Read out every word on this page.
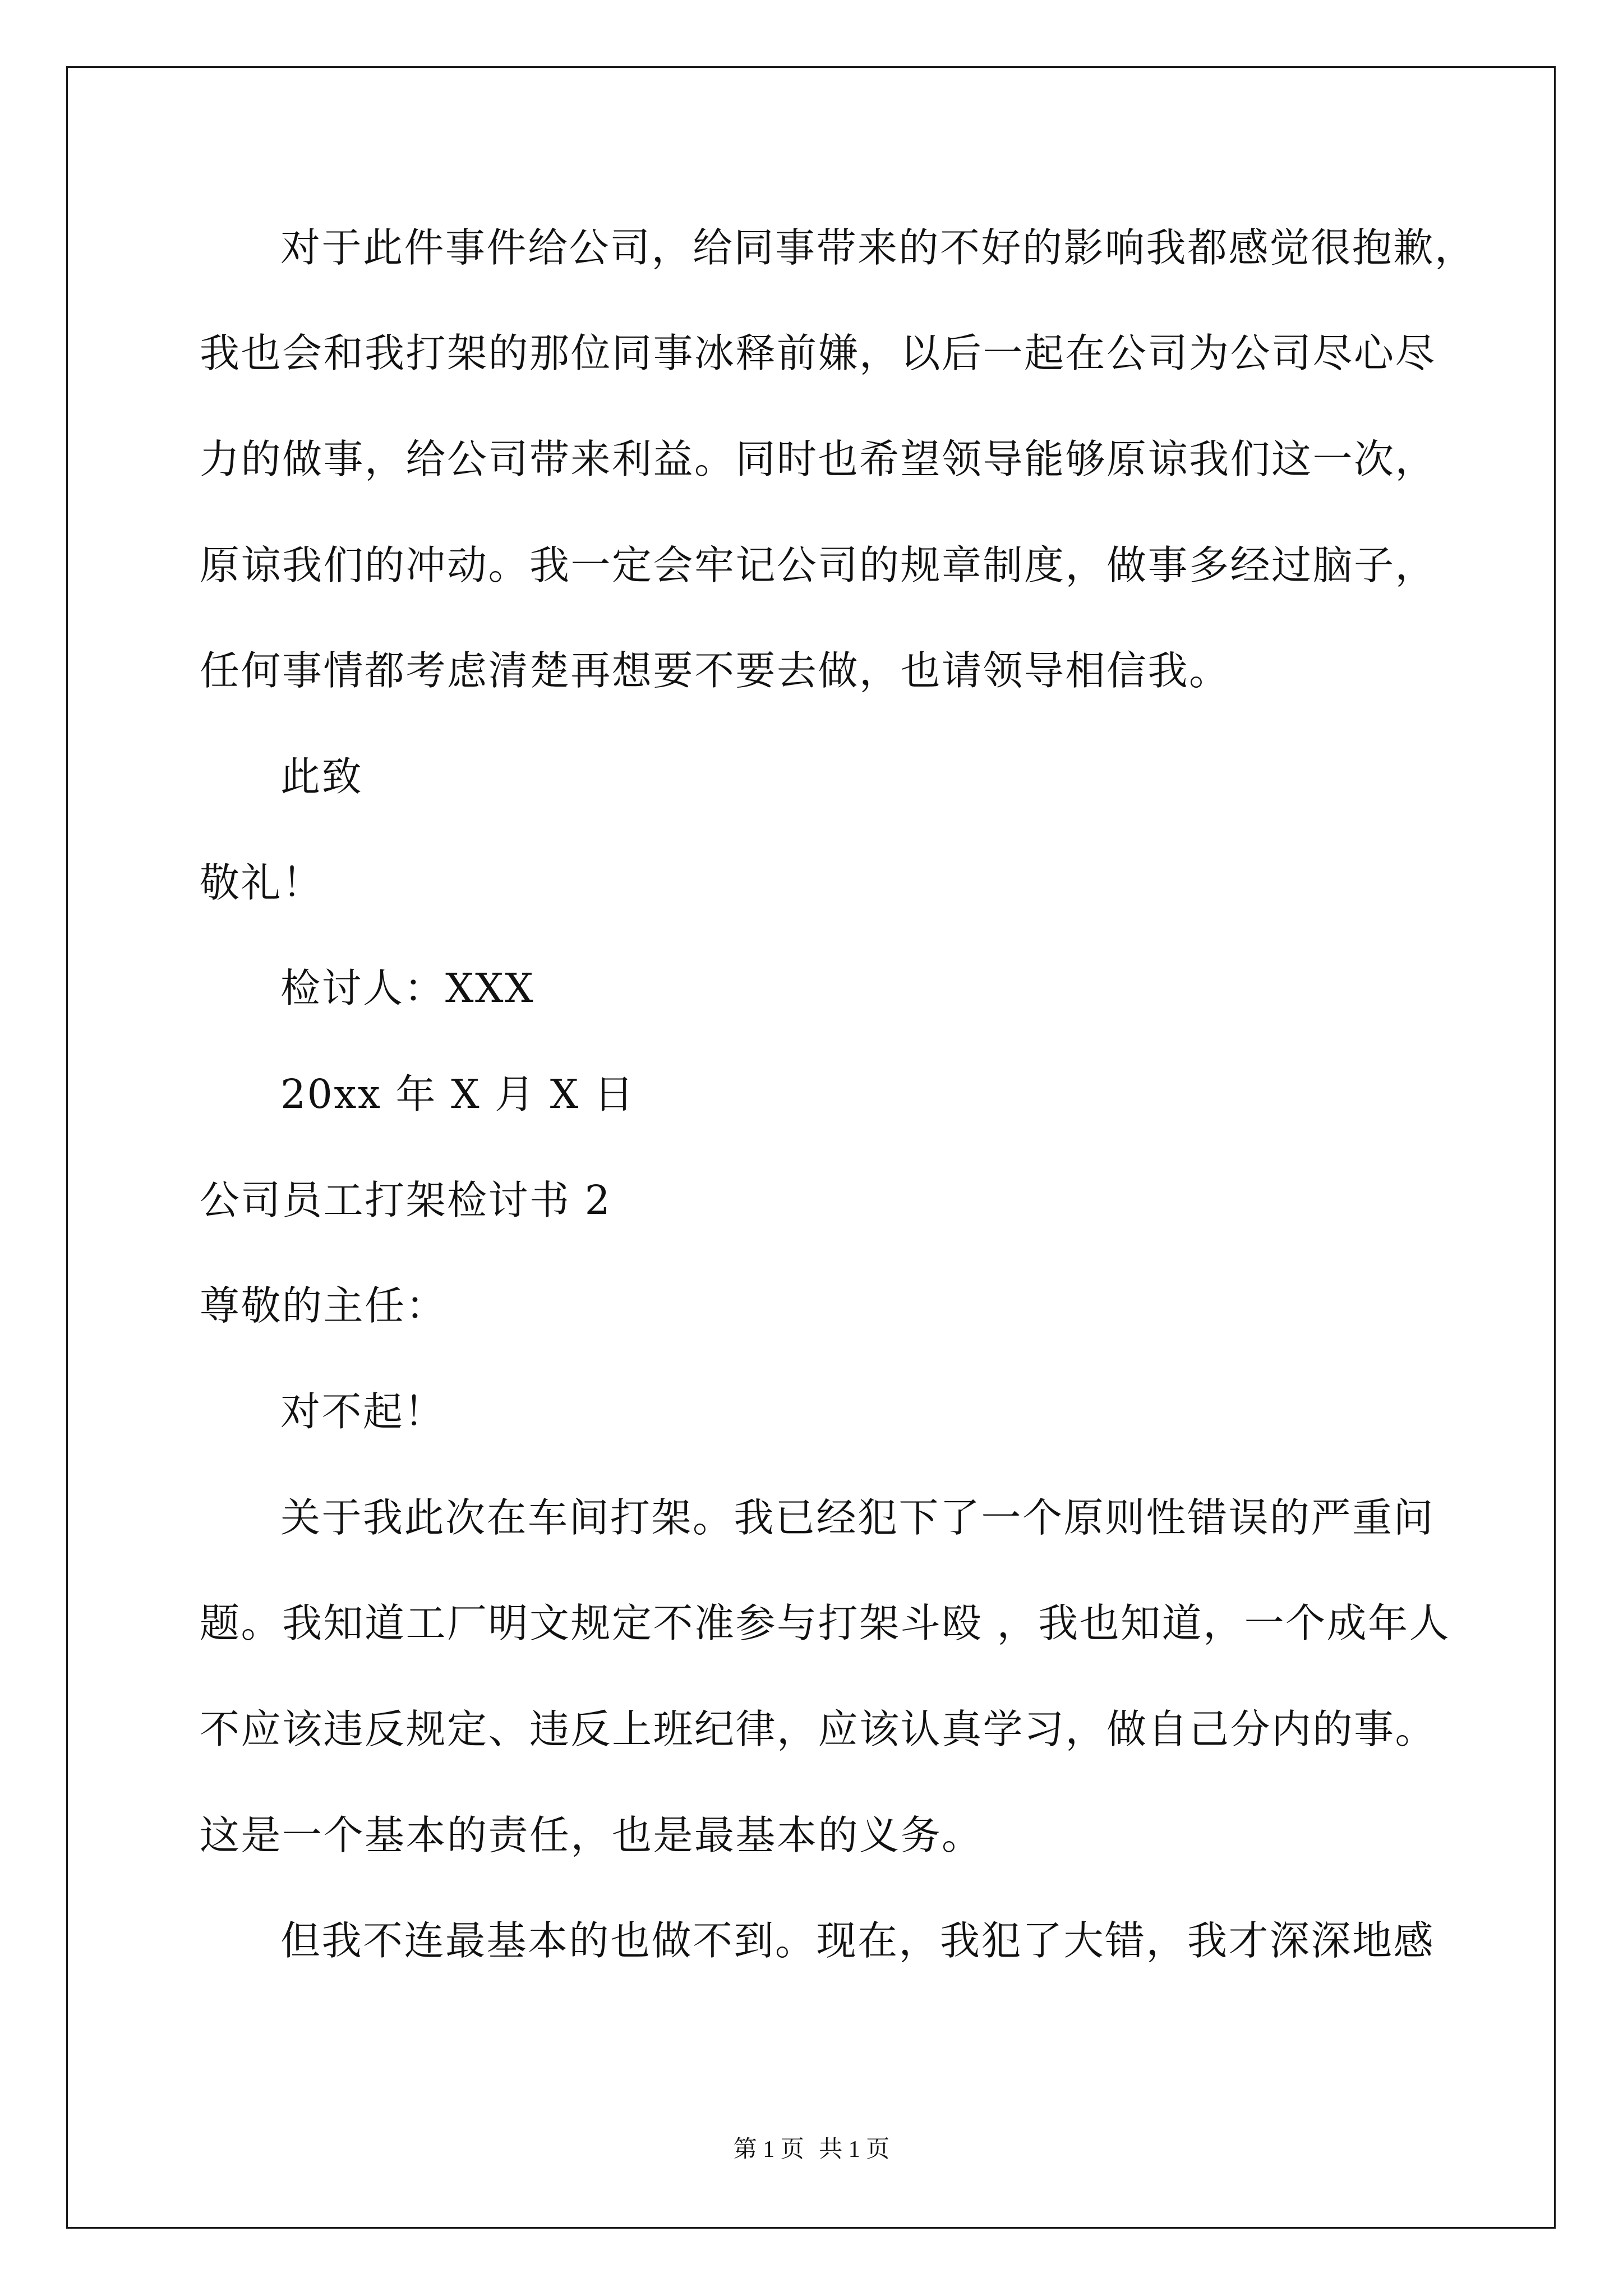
对于此件事件给公司，给同事带来的不好的影响我都感觉很抱歉，
我也会和我打架的那位同事冰释前嫌，以后一起在公司为公司尽心尽
力的做事，给公司带来利益。同时也希望领导能够原谅我们这一次，
原谅我们的冲动。我一定会牢记公司的规章制度，做事多经过脑子，
任何事情都考虑清楚再想要不要去做，也请领导相信我。
此致
敬礼！
检讨人：XXX
20xx 年 X 月 X 日
公司员工打架检讨书 2
尊敬的主任：
对不起！
关于我此次在车间打架。我已经犯下了一个原则性错误的严重问
题。我知道工厂明文规定不准参与打架斗殴 ，我也知道，一个成年人
不应该违反规定、违反上班纪律，应该认真学习，做自己分内的事。
这是一个基本的责任，也是最基本的义务。
但我不连最基本的也做不到。现在，我犯了大错，我才深深地感
第 1 页 共 1 页
